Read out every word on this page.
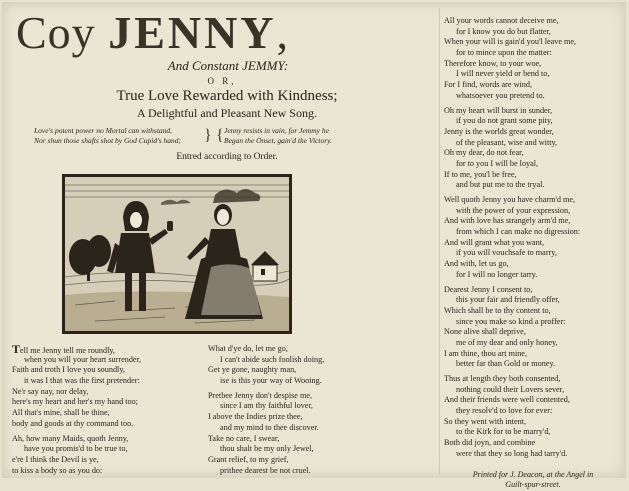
Coy JENNY,
And Constant JEMMY:
O R,
True Love Rewarded with Kindness;
A Delightful and Pleasant New Song.
Love's potent power no Mortal can withstand,
Nor shun those shafts shot by God Cupid's hand; } { Jenny resists in vain, for Jemmy he
Began the Onset, gain'd the Victory.
Entred according to Order.
Tell me Jenny tell me roundly,
when you will your heart surrender,
Faith and troth I love you soundly,
it was I that was the first pretender:
Ne'r say nay, nor delay,
here's my heart and her's my hand too;
All that's mine, shall be thine,
body and goods at thy command too.
Ah, how many Maids, quoth Jenny,
have you promis'd to be true to,
e're I think the Devil is ye,
to kiss a body so as you do:
What d'ye do, let me go,
I can't abide such foolish doing,
Get ye gone, naughty man,
ise is this your way of Wooing.
Pretbee Jenny don't despise me,
since I am thy faithful lover,
I above the Indies prize thee,
and my mind to thee discover.
Take no care, I swear,
thou shalt be my only Jewel,
Grant relief, to my grief,
prithee dearest be not cruel.
All your words cannot deceive me,
for I know you do but flatter,
When your will is gain'd you'l leave me,
for to mince upon the matter:
Therefore know, to your woe,
I will never yield or bend to,
For I find, words are wind,
whatsoever you pretend to.
Oh my heart will burst in sunder,
if you do not grant some pity,
Jenny is the worlds great wonder,
of the pleasant, wise and witty,
Oh my dear, do not fear,
for to you I will be loyal,
If to me, you'l be free,
and but put me to the tryal.
Well quoth Jenny you have charm'd me,
with the power of your expression,
And with love has strangely arm'd me,
from which I can make no digression:
And will grant what you want,
if you will vouchsafe to marry,
And with, let us go,
for I will no longer tarry.
Dearest Jenny I consent to,
this your fair and friendly offer,
Which shall be to thy content to,
since you make so kind a proffer:
None alive shall deprive,
me of my dear and only honey,
I am thine, thou art mine,
better far than Gold or money.
Thus at length they both consented,
nothing could their Lovers sever,
And their friends were well contented,
they resolv'd to love for ever:
So they went with intent,
to the Kirk for to be marry'd,
Both did joyn, and combine
were that they so long had tarry'd.
Printed for J. Deacon, at the Angel in
Guilt-spur-street.
